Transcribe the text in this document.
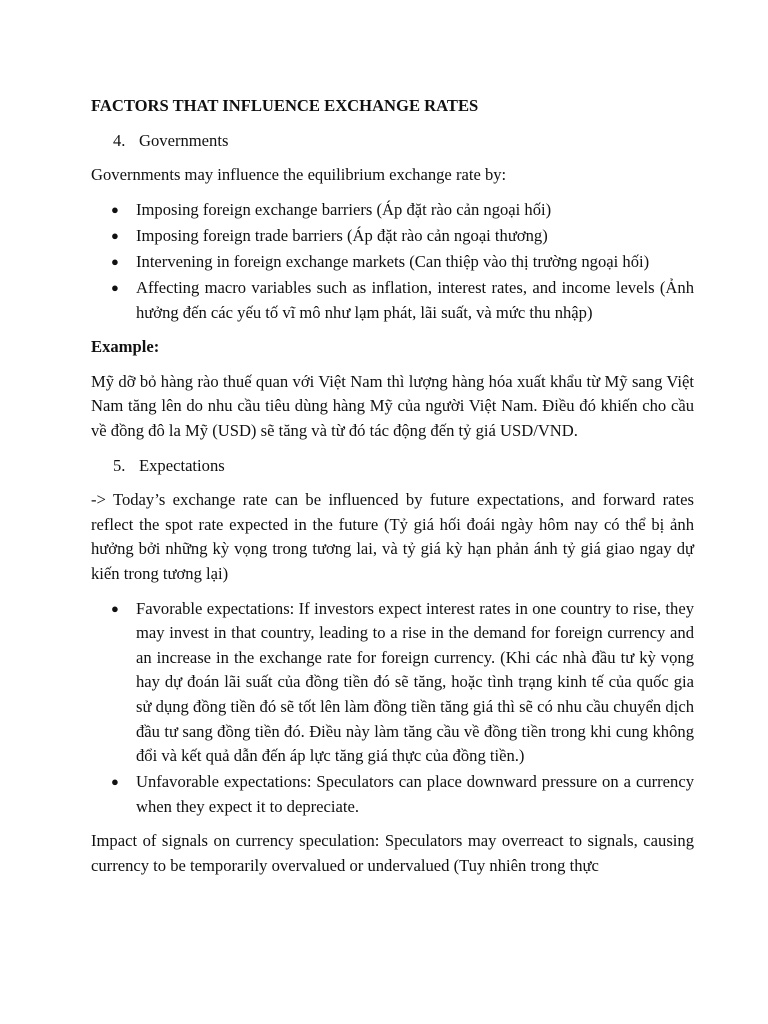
FACTORS THAT INFLUENCE EXCHANGE RATES
4. Governments

Governments may influence the equilibrium exchange rate by:

● Imposing foreign exchange barriers (Áp đặt rào cản ngoại hối)
● Imposing foreign trade barriers (Áp đặt rào cản ngoại thương)
● Intervening in foreign exchange markets (Can thiệp vào thị trường ngoại hối)
● Affecting macro variables such as inflation, interest rates, and income levels (Ảnh hưởng đến các yếu tố vĩ mô như lạm phát, lãi suất, và mức thu nhập)

Example:

Mỹ dỡ bỏ hàng rào thuế quan với Việt Nam thì lượng hàng hóa xuất khẩu từ Mỹ sang Việt Nam tăng lên do nhu cầu tiêu dùng hàng Mỹ của người Việt Nam. Điều đó khiến cho cầu về đồng đô la Mỹ (USD) sẽ tăng và từ đó tác động đến tỷ giá USD/VND.

5. Expectations

-> Today’s exchange rate can be influenced by future expectations, and forward rates reflect the spot rate expected in the future (Tỷ giá hối đoái ngày hôm nay có thể bị ảnh hưởng bởi những kỳ vọng trong tương lai, và tỷ giá kỳ hạn phản ánh tỷ giá giao ngay dự kiến trong tương lại)

● Favorable expectations: If investors expect interest rates in one country to rise, they may invest in that country, leading to a rise in the demand for foreign currency and an increase in the exchange rate for foreign currency. (Khi các nhà đầu tư kỳ vọng hay dự đoán lãi suất của đồng tiền đó sẽ tăng, hoặc tình trạng kinh tế của quốc gia sử dụng đồng tiền đó sẽ tốt lên làm đồng tiền tăng giá thì sẽ có nhu cầu chuyển dịch đầu tư sang đồng tiền đó. Điều này làm tăng cầu về đồng tiền trong khi cung không đổi và kết quả dẫn đến áp lực tăng giá thực của đồng tiền.)
● Unfavorable expectations: Speculators can place downward pressure on a currency when they expect it to depreciate.

Impact of signals on currency speculation: Speculators may overreact to signals, causing currency to be temporarily overvalued or undervalued (Tuy nhiên trong thực
